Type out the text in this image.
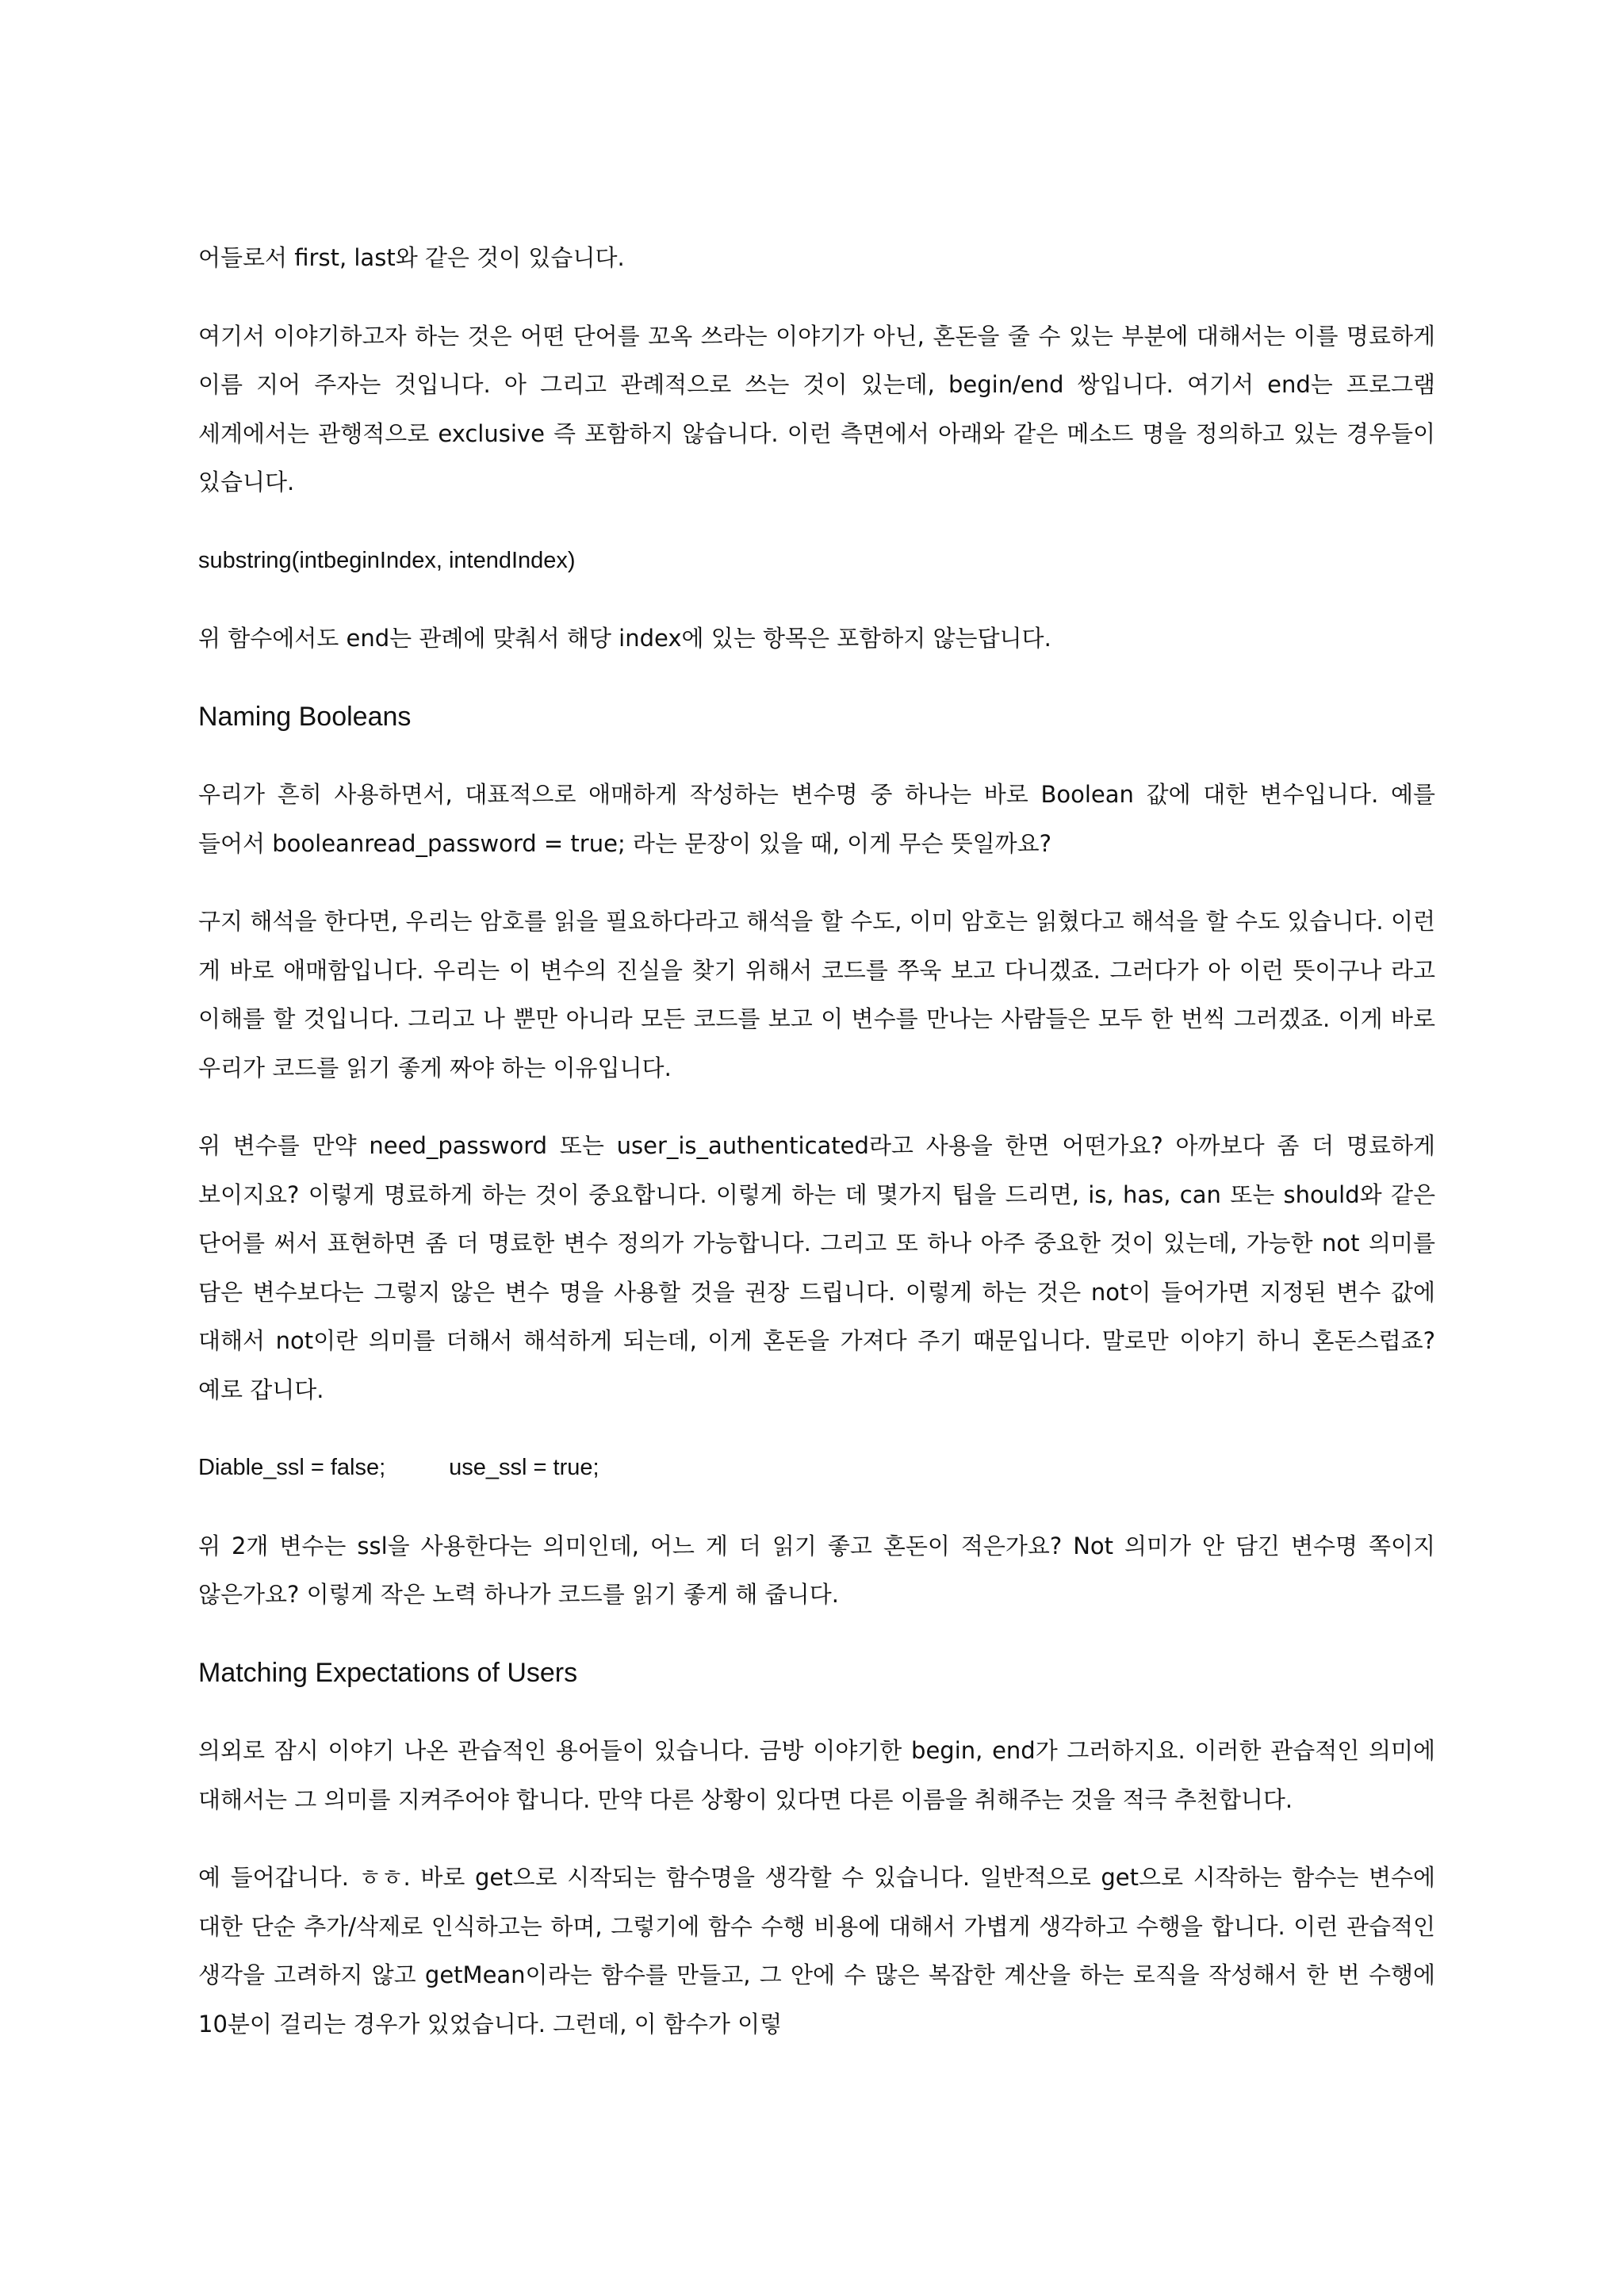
어들로서 first, last와 같은 것이 있습니다.

여기서 이야기하고자 하는 것은 어떤 단어를 꼬옥 쓰라는 이야기가 아닌, 혼돈을 줄 수 있는 부분에 대해서는 이를 명료하게 이름 지어 주자는 것입니다. 아 그리고 관례적으로 쓰는 것이 있는데, begin/end 쌍입니다. 여기서 end는 프로그램 세계에서는 관행적으로 exclusive 즉 포함하지 않습니다. 이런 측면에서 아래와 같은 메소드 명을 정의하고 있는 경우들이 있습니다.

substring(intbeginIndex, intendIndex)

위 함수에서도 end는 관례에 맞춰서 해당 index에 있는 항목은 포함하지 않는답니다.

Naming Booleans

우리가 흔히 사용하면서, 대표적으로 애매하게 작성하는 변수명 중 하나는 바로 Boolean 값에 대한 변수입니다. 예를 들어서 booleanread_password = true; 라는 문장이 있을 때, 이게 무슨 뜻일까요?

구지 해석을 한다면, 우리는 암호를 읽을 필요하다라고 해석을 할 수도, 이미 암호는 읽혔다고 해석을 할 수도 있습니다. 이런 게 바로 애매함입니다. 우리는 이 변수의 진실을 찾기 위해서 코드를 쭈욱 보고 다니겠죠. 그러다가 아 이런 뜻이구나 라고 이해를 할 것입니다. 그리고 나 뿐만 아니라 모든 코드를 보고 이 변수를 만나는 사람들은 모두 한 번씩 그러겠죠. 이게 바로 우리가 코드를 읽기 좋게 짜야 하는 이유입니다.

위 변수를 만약 need_password 또는 user_is_authenticated라고 사용을 한면 어떤가요? 아까보다 좀 더 명료하게 보이지요? 이렇게 명료하게 하는 것이 중요합니다. 이렇게 하는 데 몇가지 팁을 드리면, is, has, can 또는 should와 같은 단어를 써서 표현하면 좀 더 명료한 변수 정의가 가능합니다. 그리고 또 하나 아주 중요한 것이 있는데, 가능한 not 의미를 담은 변수보다는 그렇지 않은 변수 명을 사용할 것을 권장 드립니다. 이렇게 하는 것은 not이 들어가면 지정된 변수 값에 대해서 not이란 의미를 더해서 해석하게 되는데, 이게 혼돈을 가져다 주기 때문입니다. 말로만 이야기 하니 혼돈스럽죠? 예로 갑니다.

Diable_ssl = false;	use_ssl = true;

위 2개 변수는 ssl을 사용한다는 의미인데, 어느 게 더 읽기 좋고 혼돈이 적은가요? Not 의미가 안 담긴 변수명 쪽이지 않은가요? 이렇게 작은 노력 하나가 코드를 읽기 좋게 해 줍니다.

Matching Expectations of Users

의외로 잠시 이야기 나온 관습적인 용어들이 있습니다. 금방 이야기한 begin, end가 그러하지요. 이러한 관습적인 의미에 대해서는 그 의미를 지켜주어야 합니다. 만약 다른 상황이 있다면 다른 이름을 취해주는 것을 적극 추천합니다.

예 들어갑니다. ㅎㅎ. 바로 get으로 시작되는 함수명을 생각할 수 있습니다. 일반적으로 get으로 시작하는 함수는 변수에 대한 단순 추가/삭제로 인식하고는 하며, 그렇기에 함수 수행 비용에 대해서 가볍게 생각하고 수행을 합니다. 이런 관습적인 생각을 고려하지 않고 getMean이라는 함수를 만들고, 그 안에 수 많은 복잡한 계산을 하는 로직을 작성해서 한 번 수행에 10분이 걸리는 경우가 있었습니다. 그런데, 이 함수가 이렇
